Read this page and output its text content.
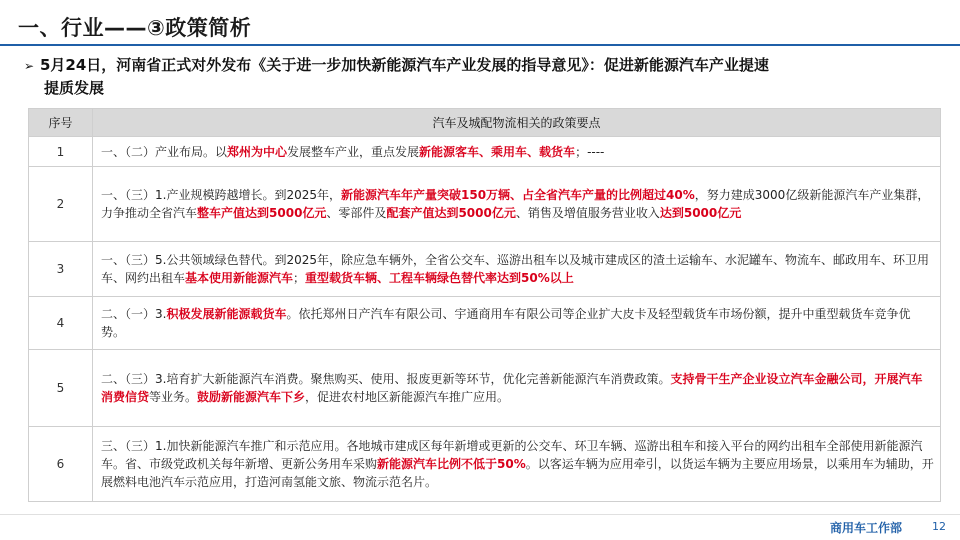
一、行业——③政策简析
➢ 5月24日，河南省正式对外发布《关于进一步加快新能源汽车产业发展的指导意见》：促进新能源汽车产业提速
提质发展
序号	汽车及城配物流相关的政策要点
1	一、（二）产业布局。以郑州为中心发展整车产业，重点发展新能源客车、乘用车、载货车；----
2	一、（三）1.产业规模跨越增长。到2025年，新能源汽车年产量突破150万辆、占全省汽车产量的比例超过40%，努力建成3000亿级新能源汽车产业集群，力争推动全省汽车整车产值达到5000亿元、零部件及配套产值达到5000亿元、销售及增值服务营业收入达到5000亿元
3	一、（三）5.公共领域绿色替代。到2025年，除应急车辆外，全省公交车、巡游出租车以及城市建成区的渣土运输车、水泥罐车、物流车、邮政用车、环卫用车、网约出租车基本使用新能源汽车；重型载货车辆、工程车辆绿色替代率达到50%以上
4	二、（一）3.积极发展新能源载货车。依托郑州日产汽车有限公司、宇通商用车有限公司等企业扩大皮卡及轻型载货车市场份额，提升中重型载货车竞争优势。
5	二、（三）3.培育扩大新能源汽车消费。聚焦购买、使用、报废更新等环节，优化完善新能源汽车消费政策。支持骨干生产企业设立汽车金融公司，开展汽车消费信贷等业务。鼓励新能源汽车下乡，促进农村地区新能源汽车推广应用。
6	三、（三）1.加快新能源汽车推广和示范应用。各地城市建成区每年新增或更新的公交车、环卫车辆、巡游出租车和接入平台的网约出租车全部使用新能源汽车。省、市级党政机关每年新增、更新公务用车采购新能源汽车比例不低于50%。以客运车辆为应用牵引，以货运车辆为主要应用场景，以乘用车为辅助，开展燃料电池汽车示范应用，打造河南氢能文旅、物流示范名片。
商用车工作部	12
